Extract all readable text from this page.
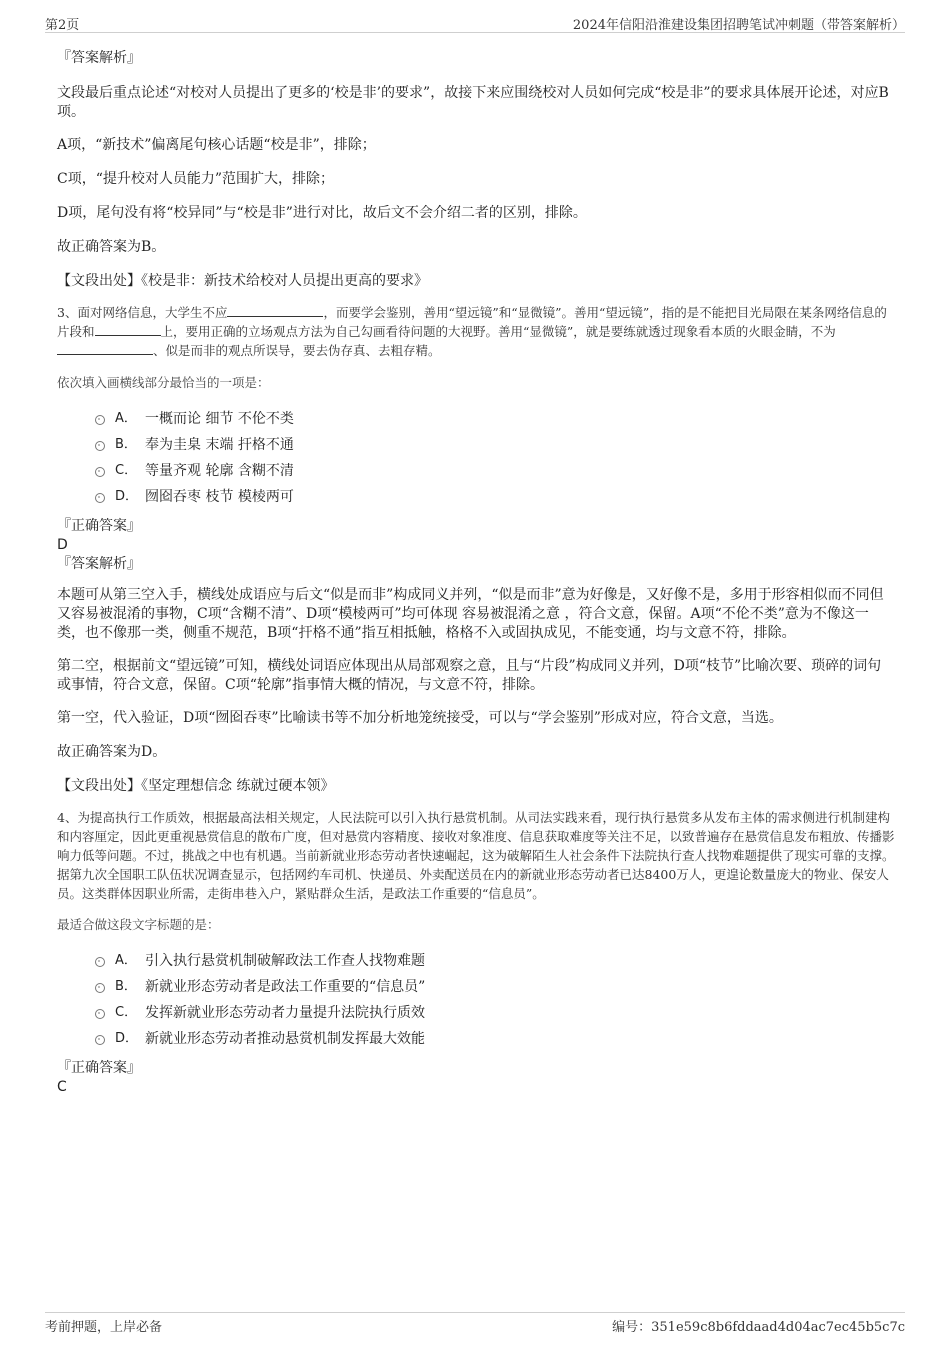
第2页	2024年信阳沿淮建设集团招聘笔试冲刺题（带答案解析）

『答案解析』

文段最后重点论述“对校对人员提出了更多的‘校是非’的要求”，故接下来应围绕校对人员如何完成“校是非”的要求具体展开论述，对应B项。

A项，“新技术”偏离尾句核心话题“校是非”，排除；

C项，“提升校对人员能力”范围扩大，排除；

D项，尾句没有将“校异同”与“校是非”进行对比，故后文不会介绍二者的区别，排除。

故正确答案为B。

【文段出处】《校是非：新技术给校对人员提出更高的要求》

3、面对网络信息，大学生不应	，而要学会鉴别，善用“望远镜”和“显微镜”。善用“望远镜”，指的是不能把目光局限在某条网络信息的片段和	上，要用正确的立场观点方法为自己勾画看待问题的大视野。善用“显微镜”，就是要练就透过现象看本质的火眼金睛，不为、似是而非的观点所误导，要去伪存真、去粗存精。

依次填入画横线部分最恰当的一项是：

A． 一概而论 细节 不伦不类
B． 奉为圭臬 末端 扞格不通
C． 等量齐观 轮廓 含糊不清
D． 囫囵吞枣 枝节 模棱两可

『正确答案』

D

『答案解析』

本题可从第三空入手，横线处成语应与后文“似是而非”构成同义并列，“似是而非”意为好像是，又好像不是，多用于形容相似而不同但又容易被混淆的事物，C项“含糊不清”、D项“模棱两可”均可体现 容易被混淆之意 ，符合文意，保留。A项“不伦不类”意为不像这一类，也不像那一类，侧重不规范，B项“扞格不通”指互相抵触，格格不入或固执成见，不能变通，均与文意不符，排除。

第二空，根据前文“望远镜”可知，横线处词语应体现出从局部观察之意，且与“片段”构成同义并列，D项“枝节”比喻次要、琐碎的词句或事情，符合文意，保留。C项“轮廓”指事情大概的情况，与文意不符，排除。

第一空，代入验证，D项“囫囵吞枣”比喻读书等不加分析地笼统接受，可以与“学会鉴别”形成对应，符合文意，当选。

故正确答案为D。

【文段出处】《坚定理想信念 练就过硬本领》

4、为提高执行工作质效，根据最高法相关规定，人民法院可以引入执行悬赏机制。从司法实践来看，现行执行悬赏多从发布主体的需求侧进行机制建构和内容厘定，因此更重视悬赏信息的散布广度，但对悬赏内容精度、接收对象准度、信息获取难度等关注不足，以致普遍存在悬赏信息发布粗放、传播影响力低等问题。不过，挑战之中也有机遇。当前新就业形态劳动者快速崛起，这为破解陌生人社会条件下法院执行查人找物难题提供了现实可靠的支撑。据第九次全国职工队伍状况调查显示，包括网约车司机、快递员、外卖配送员在内的新就业形态劳动者已达8400万人，更遑论数量庞大的物业、保安人员。这类群体因职业所需，走街串巷入户，紧贴群众生活，是政法工作重要的“信息员”。

最适合做这段文字标题的是：

A． 引入执行悬赏机制破解政法工作查人找物难题
B． 新就业形态劳动者是政法工作重要的“信息员”
C． 发挥新就业形态劳动者力量提升法院执行质效
D． 新就业形态劳动者推动悬赏机制发挥最大效能

『正确答案』

C

考前押题，上岸必备	编号：351e59c8b6fddaad4d04ac7ec45b5c7c
